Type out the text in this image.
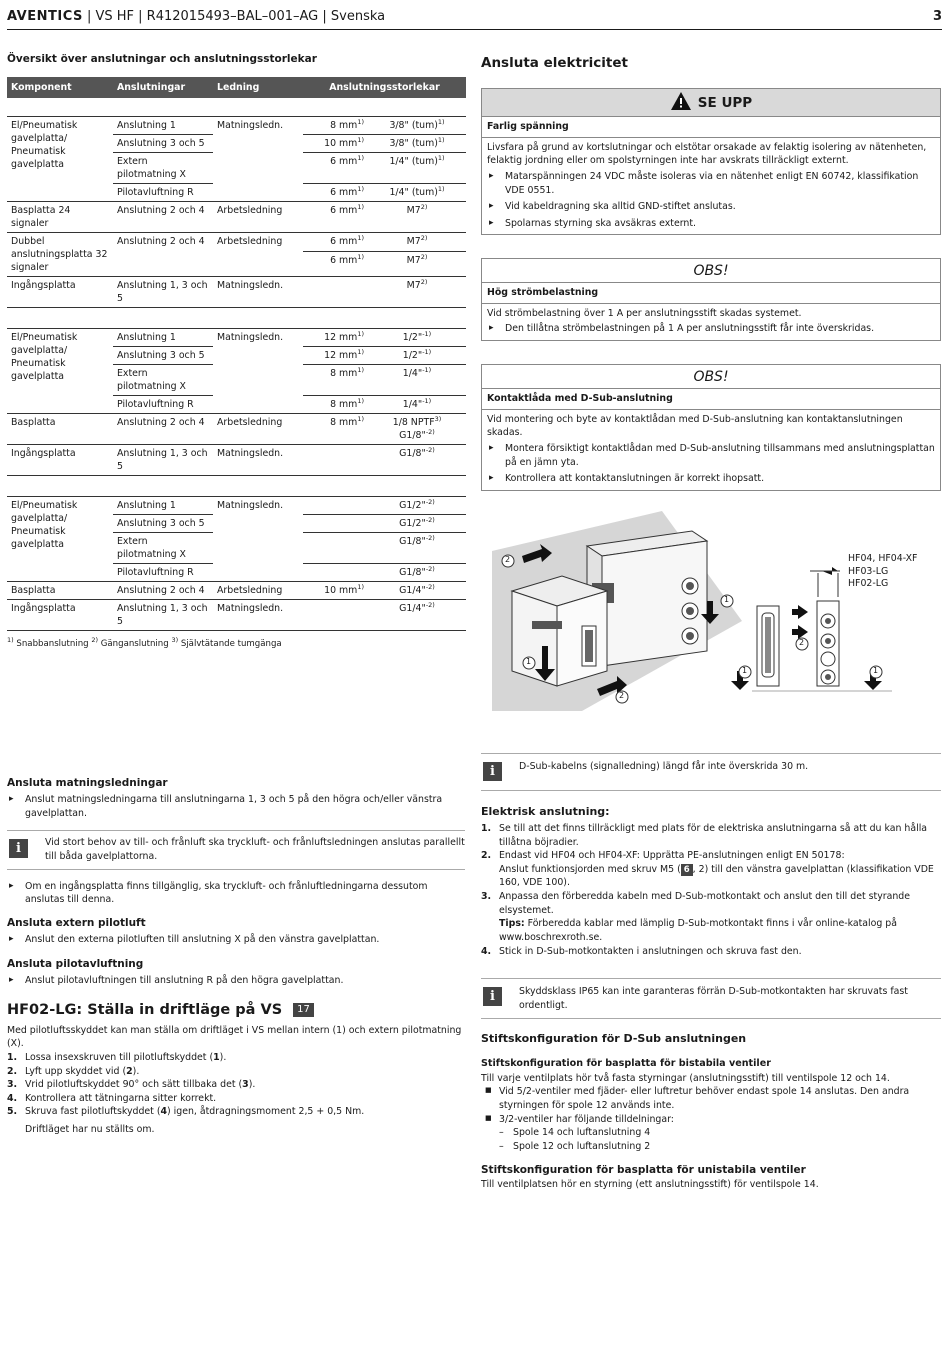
AVENTICS | VS HF | R412015493–BAL–001–AG | Svenska	3
Översikt över anslutningar och anslutningsstorlekar
Komponent	Anslutningar	Ledning	Anslutningsstorlekar	

El/Pneumatisk gavelplatta/ Pneumatisk gavelplatta	Anslutning 1	Matningsledn.	8 $mm^{1)}$	3/8" (tum)$^{1)}$
	Anslutning 3 och 5		10 $mm^{1)}$	3/8" (tum)$^{1)}$
	Extern pilotmatning X		6 $mm^{1)}$	1/4" (tum)$^{1)}$
	Pilotavluftning R		6 $mm^{1)}$	1/4" (tum)$^{1)}$
Basplatta 24 signaler	Anslutning 2 och 4	Arbetsledning	6 $mm^{1)}$	M7$^{2)}$
Dubbel anslutningsplatta 32 signaler	Anslutning 2 och 4	Arbetsledning	6 $mm^{1)}$	M7$^{2)}$
			6 $mm^{1)}$	M7$^{2)}$
Ingångsplatta	Anslutning 1, 3 och 5	Matningsledn.		M7$^{2)}$
El/Pneumatisk gavelplatta/ Pneumatisk gavelplatta	Anslutning 1	Matningsledn.	12 $mm^{1)}$	1/2"$^{-1)}$
	Anslutning 3 och 5		12 $mm^{1)}$	1/2"$^{-1)}$
	Extern pilotmatning X		8 $mm^{1)}$	1/4"$^{-1)}$
	Pilotavluftning R		8 $mm^{1)}$	1/4"$^{-1)}$
Basplatta	Anslutning 2 och 4	Arbetsledning	8 $mm^{1)}$	1/8 NPTF$^{3)}$
G1/8"$^{-2)}$
Ingångsplatta	Anslutning 1, 3 och 5	Matningsledn.		G1/8"$^{-2)}$
El/Pneumatisk gavelplatta/ Pneumatisk gavelplatta	Anslutning 1	Matningsledn.		G1/2"$^{-2)}$
	Anslutning 3 och 5			G1/2"$^{-2)}$
	Extern pilotmatning X			G1/8"$^{-2)}$
	Pilotavluftning R			G1/8"$^{-2)}$
Basplatta	Anslutning 2 och 4	Arbetsledning	10 $mm^{1)}$	G1/4"$^{-2)}$
Ingångsplatta	Anslutning 1, 3 och 5	Matningsledn.		G1/4"$^{-2)}$
$^{1)}$ Snabbanslutning $^{2)}$ Gänganslutning $^{3)}$ Självtätande tumgänga
Ansluta matningsledningar
▸ Anslut matningsledningarna till anslutningarna 1, 3 och 5 på den högra och/eller vänstra gavelplattan.
i	Vid stort behov av till- och frånluft ska tryckluft- och frånluftsledningen anslutas parallellt till båda gavelplattorna.
▸ Om en ingångsplatta finns tillgänglig, ska tryckluft- och frånluftledningarna dessutom anslutas till denna.
Ansluta extern pilotluft
▸ Anslut den externa pilotluften till anslutning X på den vänstra gavelplattan.
Ansluta pilotavluftning
▸ Anslut pilotavluftningen till anslutning R på den högra gavelplattan.
HF02-LG: Ställa in driftläge på VS 17
Med pilotluftsskyddet kan man ställa om driftläget i VS mellan intern (1) och extern pilotmatning (X).
1. Lossa insexskruven till pilotluftskyddet (1).
2. Lyft upp skyddet vid (2).
3. Vrid pilotluftskyddet 90° och sätt tillbaka det (3).
4. Kontrollera att tätningarna sitter korrekt.
5. Skruva fast pilotluftskyddet (4) igen, åtdragningsmoment 2,5 + 0,5 Nm.
Driftläget har nu ställts om.
Ansluta elektricitet
SE UPP
Farlig spänning
Livsfara på grund av kortslutningar och elstötar orsakade av felaktig isolering av nätenheten, felaktig jordning eller om spolstyrningen inte har avskrats tillräckligt externt.
▸ Matarspänningen 24 VDC måste isoleras via en nätenhet enligt EN 60742, klassifikation VDE 0551.
▸ Vid kabeldragning ska alltid GND-stiftet anslutas.
▸ Spolarnas styrning ska avsäkras externt.
OBS!
Hög strömbelastning
Vid strömbelastning över 1 A per anslutningsstift skadas systemet.
▸ Den tillåtna strömbelastningen på 1 A per anslutningsstift får inte överskridas.
OBS!
Kontaktlåda med D-Sub-anslutning
Vid montering och byte av kontaktlådan med D-Sub-anslutning kan kontaktanslutningen skadas.
▸ Montera försiktigt kontaktlådan med D-Sub-anslutning tillsammans med anslutningsplattan på en jämn yta.
▸ Kontrollera att kontaktanslutningen är korrekt ihopsatt.
2
1
2
1
1
2
1
HF04, HF04-XF
HF03-LG
HF02-LG
i	D-Sub-kabelns (signalledning) längd får inte överskrida 30 m.
Elektrisk anslutning:
1. Se till att det finns tillräckligt med plats för de elektriska anslutningarna så att du kan hålla tillåtna böjradier.
2. Endast vid HF04 och HF04-XF: Upprätta PE-anslutningen enligt EN 50178:
Anslut funktionsjorden med skruv M5 ( 6 , 2) till den vänstra gavelplattan (klassifikation VDE 160, VDE 100).
3. Anpassa den förberedda kabeln med D-Sub-motkontakt och anslut den till det styrande elsystemet.
Tips: Förberedda kablar med lämplig D-Sub-motkontakt finns i vår online-katalog på www.boschrexroth.se.
4. Stick in D-Sub-motkontakten i anslutningen och skruva fast den.
i	Skyddsklass IP65 kan inte garanteras förrän D-Sub-motkontakten har skruvats fast ordentligt.
Stiftskonfiguration för D-Sub anslutningen
Stiftskonfiguration för basplatta för bistabila ventiler
Till varje ventilplats hör två fasta styrningar (anslutningsstift) till ventilspole 12 och 14.
■ Vid 5/2-ventiler med fjäder- eller luftretur behöver endast spole 14 anslutas. Den andra styrningen för spole 12 används inte.
■ 3/2-ventiler har följande tilldelningar:
– Spole 14 och luftanslutning 4
– Spole 12 och luftanslutning 2
Stiftskonfiguration för basplatta för unistabila ventiler
Till ventilplatsen hör en styrning (ett anslutningsstift) för ventilspole 14.
